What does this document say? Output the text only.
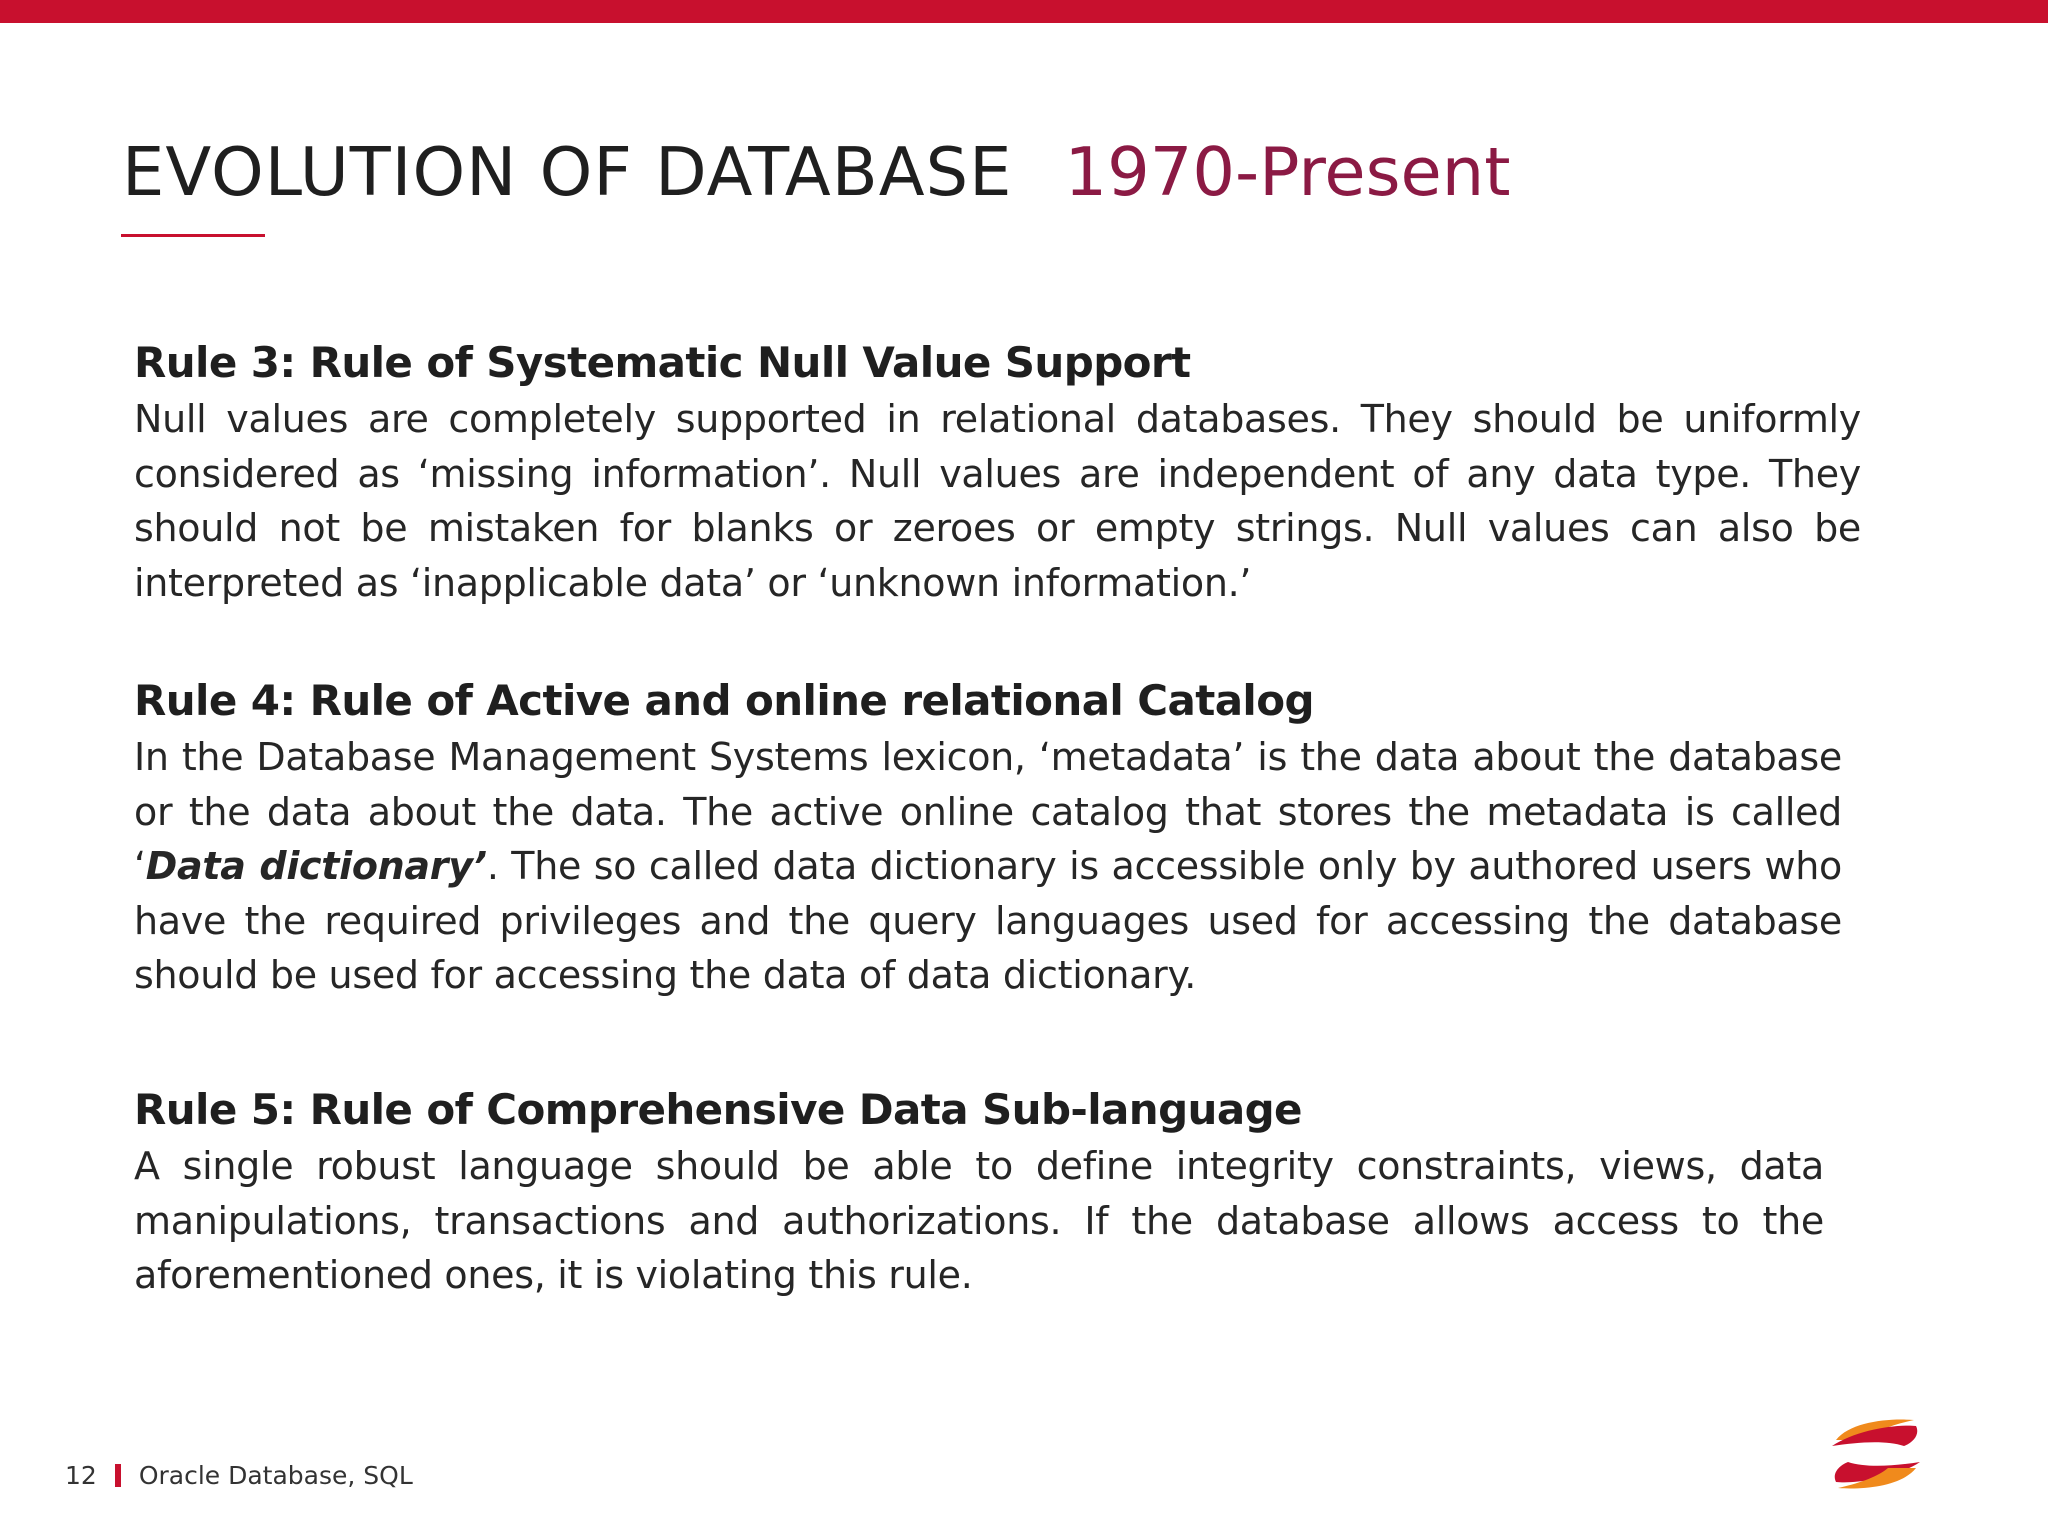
EVOLUTION OF DATABASE 1970-Present

Rule 3: Rule of Systematic Null Value Support

Null values are completely supported in relational databases. They should be uniformly considered as ‘missing information’. Null values are independent of any data type. They should not be mistaken for blanks or zeroes or empty strings. Null values can also be interpreted as ‘inapplicable data’ or ‘unknown information.’

Rule 4: Rule of Active and online relational Catalog

In the Database Management Systems lexicon, ‘metadata’ is the data about the database or the data about the data. The active online catalog that stores the metadata is called ‘Data dictionary’. The so called data dictionary is accessible only by authored users who have the required privileges and the query languages used for accessing the database should be used for accessing the data of data dictionary.

Rule 5: Rule of Comprehensive Data Sub-language

A single robust language should be able to define integrity constraints, views, data manipulations, transactions and authorizations. If the database allows access to the aforementioned ones, it is violating this rule.

12 Oracle Database, SQL
